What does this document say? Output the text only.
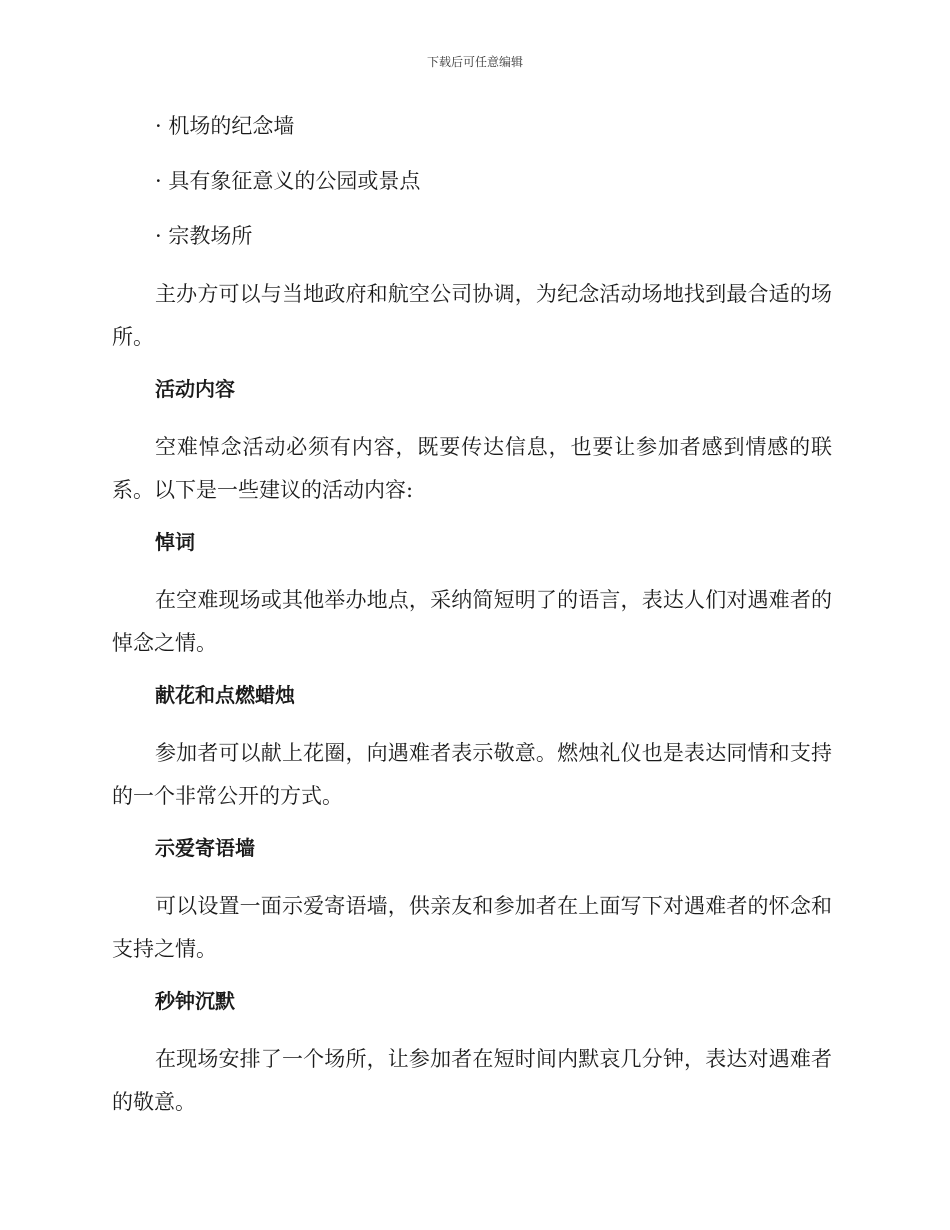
下载后可任意编辑
· 机场的纪念墙
· 具有象征意义的公园或景点
· 宗教场所

主办方可以与当地政府和航空公司协调，为纪念活动场地找到最合适的场所。

活动内容

空难悼念活动必须有内容，既要传达信息，也要让参加者感到情感的联系。以下是一些建议的活动内容:

悼词

在空难现场或其他举办地点，采纳简短明了的语言，表达人们对遇难者的悼念之情。

献花和点燃蜡烛

参加者可以献上花圈，向遇难者表示敬意。燃烛礼仪也是表达同情和支持的一个非常公开的方式。

示爱寄语墙

可以设置一面示爱寄语墙，供亲友和参加者在上面写下对遇难者的怀念和支持之情。

秒钟沉默

在现场安排了一个场所，让参加者在短时间内默哀几分钟，表达对遇难者的敬意。
